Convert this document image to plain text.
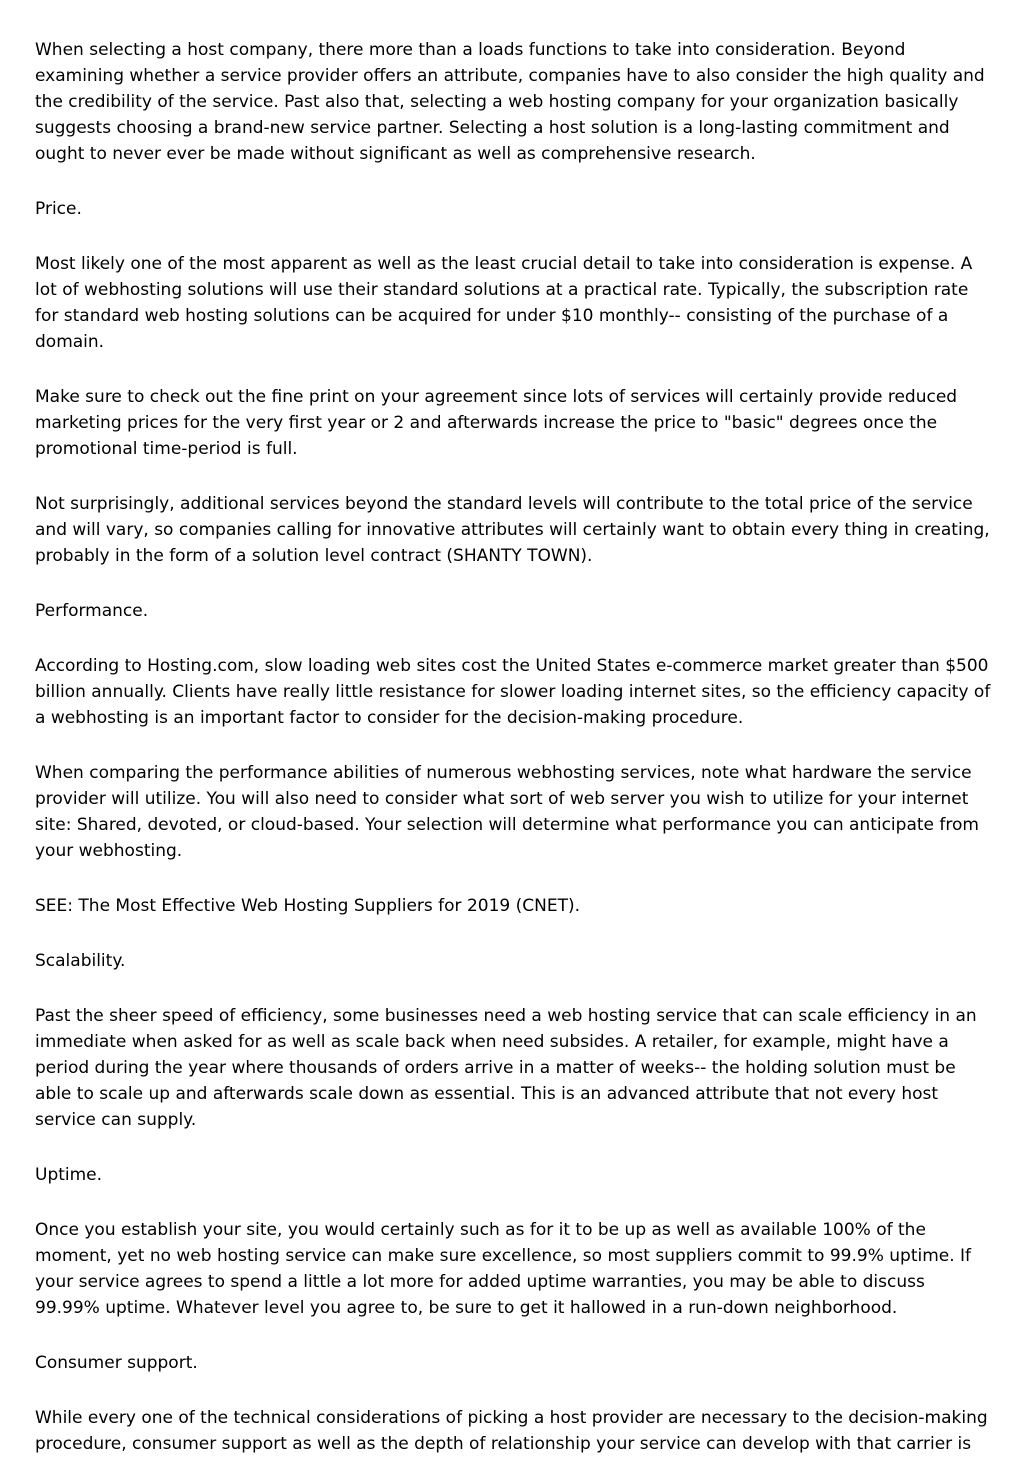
When selecting a host company, there more than a loads functions to take into consideration. Beyond examining whether a service provider offers an attribute, companies have to also consider the high quality and the credibility of the service. Past also that, selecting a web hosting company for your organization basically suggests choosing a brand-new service partner. Selecting a host solution is a long-lasting commitment and ought to never ever be made without significant as well as comprehensive research.

Price.

Most likely one of the most apparent as well as the least crucial detail to take into consideration is expense. A lot of webhosting solutions will use their standard solutions at a practical rate. Typically, the subscription rate for standard web hosting solutions can be acquired for under $10 monthly-- consisting of the purchase of a domain.

Make sure to check out the fine print on your agreement since lots of services will certainly provide reduced marketing prices for the very first year or 2 and afterwards increase the price to "basic" degrees once the promotional time-period is full.

Not surprisingly, additional services beyond the standard levels will contribute to the total price of the service and will vary, so companies calling for innovative attributes will certainly want to obtain every thing in creating, probably in the form of a solution level contract (SHANTY TOWN).

Performance.

According to Hosting.com, slow loading web sites cost the United States e-commerce market greater than $500 billion annually. Clients have really little resistance for slower loading internet sites, so the efficiency capacity of a webhosting is an important factor to consider for the decision-making procedure.

When comparing the performance abilities of numerous webhosting services, note what hardware the service provider will utilize. You will also need to consider what sort of web server you wish to utilize for your internet site: Shared, devoted, or cloud-based. Your selection will determine what performance you can anticipate from your webhosting.

SEE: The Most Effective Web Hosting Suppliers for 2019 (CNET).

Scalability.

Past the sheer speed of efficiency, some businesses need a web hosting service that can scale efficiency in an immediate when asked for as well as scale back when need subsides. A retailer, for example, might have a period during the year where thousands of orders arrive in a matter of weeks-- the holding solution must be able to scale up and afterwards scale down as essential. This is an advanced attribute that not every host service can supply.

Uptime.

Once you establish your site, you would certainly such as for it to be up as well as available 100% of the moment, yet no web hosting service can make sure excellence, so most suppliers commit to 99.9% uptime. If your service agrees to spend a little a lot more for added uptime warranties, you may be able to discuss 99.99% uptime. Whatever level you agree to, be sure to get it hallowed in a run-down neighborhood.

Consumer support.

While every one of the technical considerations of picking a host provider are necessary to the decision-making procedure, consumer support as well as the depth of relationship your service can develop with that carrier is
